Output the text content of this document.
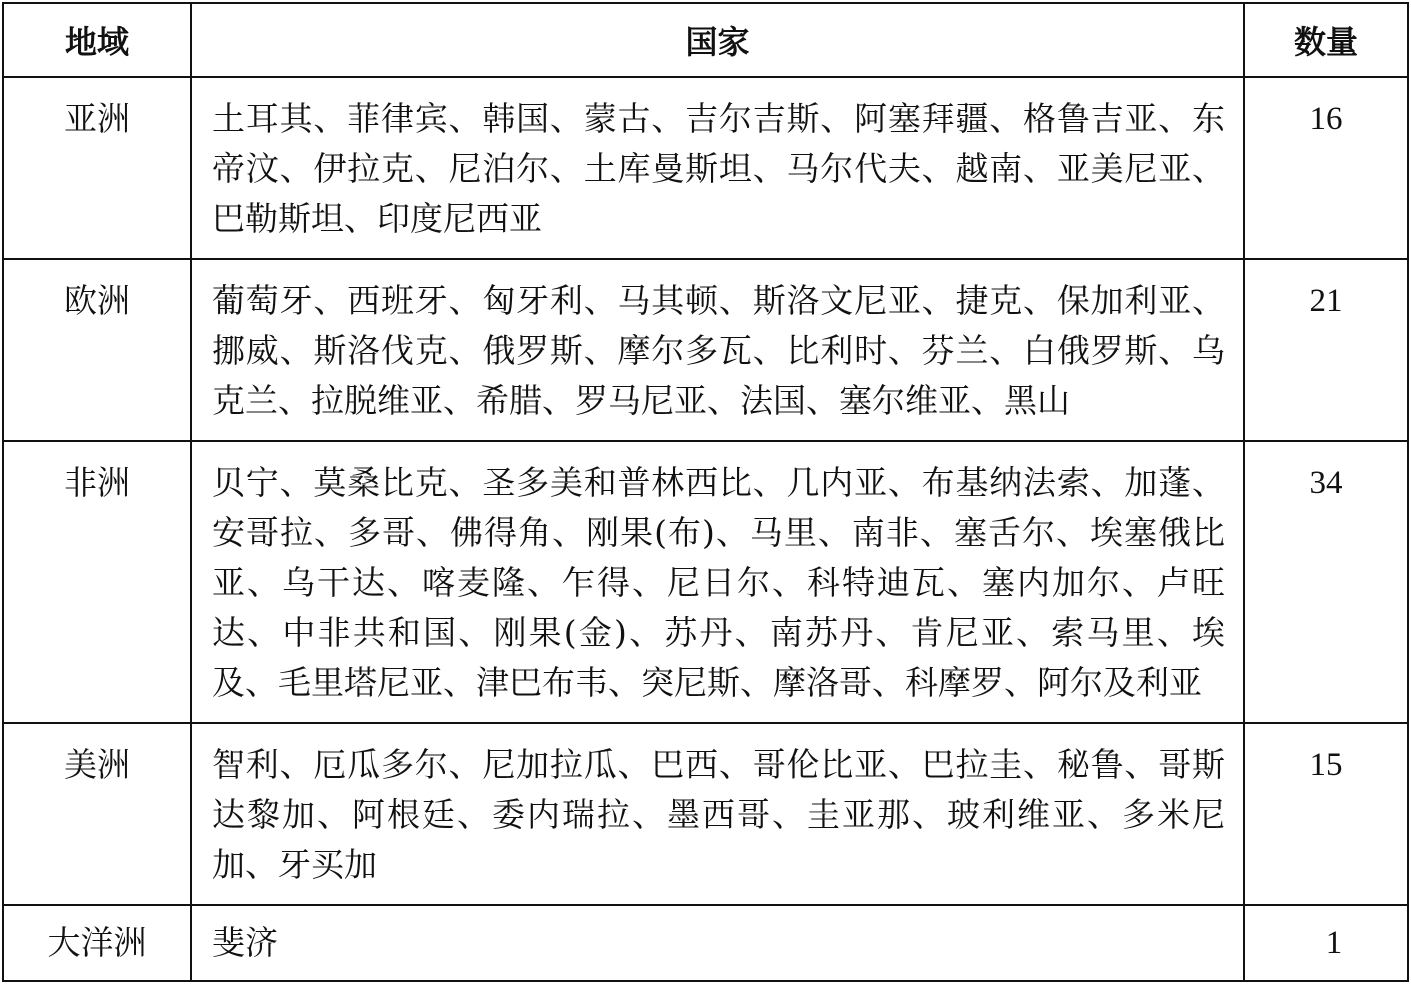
地域	国家	数量
亚洲	土耳其、菲律宾、韩国、蒙古、吉尔吉斯、阿塞拜疆、格鲁吉亚、东帝汶、伊拉克、尼泊尔、土库曼斯坦、马尔代夫、越南、亚美尼亚、巴勒斯坦、印度尼西亚	16
欧洲	葡萄牙、西班牙、匈牙利、马其顿、斯洛文尼亚、捷克、保加利亚、挪威、斯洛伐克、俄罗斯、摩尔多瓦、比利时、芬兰、白俄罗斯、乌克兰、拉脱维亚、希腊、罗马尼亚、法国、塞尔维亚、黑山	21
非洲	贝宁、莫桑比克、圣多美和普林西比、几内亚、布基纳法索、加蓬、安哥拉、多哥、佛得角、刚果(布)、马里、南非、塞舌尔、埃塞俄比亚、乌干达、喀麦隆、乍得、尼日尔、科特迪瓦、塞内加尔、卢旺达、中非共和国、刚果(金)、苏丹、南苏丹、肯尼亚、索马里、埃及、毛里塔尼亚、津巴布韦、突尼斯、摩洛哥、科摩罗、阿尔及利亚	34
美洲	智利、厄瓜多尔、尼加拉瓜、巴西、哥伦比亚、巴拉圭、秘鲁、哥斯达黎加、阿根廷、委内瑞拉、墨西哥、圭亚那、玻利维亚、多米尼加、牙买加	15
大洋洲	斐济	1
